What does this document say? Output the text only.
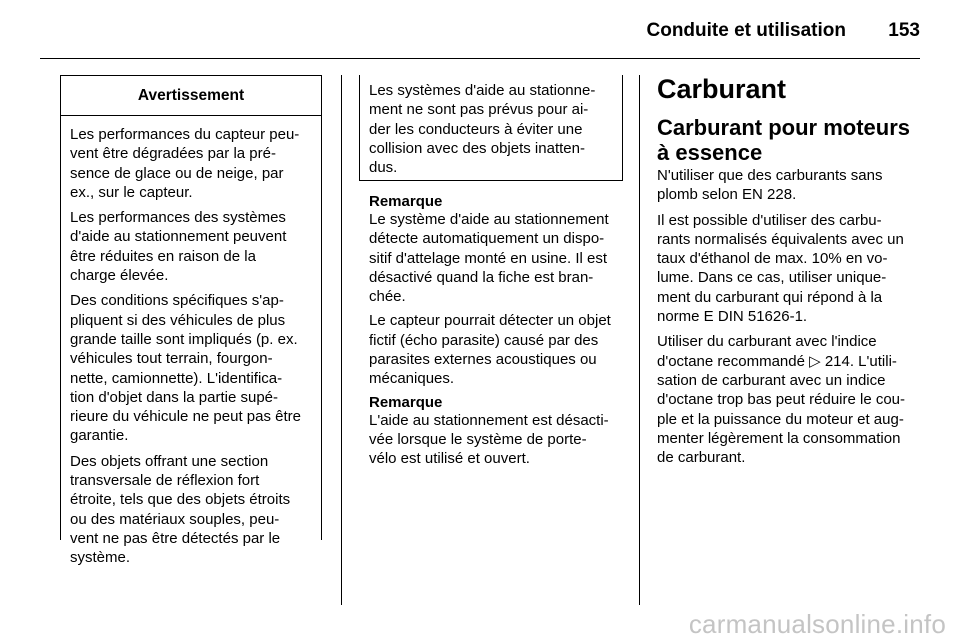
Conduite et utilisation	153
Avertissement
Les performances du capteur peu-
vent être dégradées par la pré-
sence de glace ou de neige, par
ex., sur le capteur.
Les performances des systèmes
d'aide au stationnement peuvent
être réduites en raison de la
charge élevée.
Des conditions spécifiques s'ap-
pliquent si des véhicules de plus
grande taille sont impliqués (p. ex.
véhicules tout terrain, fourgon-
nette, camionnette). L'identifica-
tion d'objet dans la partie supé-
rieure du véhicule ne peut pas être
garantie.
Des objets offrant une section
transversale de réflexion fort
étroite, tels que des objets étroits
ou des matériaux souples, peu-
vent ne pas être détectés par le
système.
Les systèmes d'aide au stationne-
ment ne sont pas prévus pour ai-
der les conducteurs à éviter une
collision avec des objets inatten-
dus.
Remarque
Le système d'aide au stationnement
détecte automatiquement un dispo-
sitif d'attelage monté en usine. Il est
désactivé quand la fiche est bran-
chée.
Le capteur pourrait détecter un objet
fictif (écho parasite) causé par des
parasites externes acoustiques ou
mécaniques.
Remarque
L'aide au stationnement est désacti-
vée lorsque le système de porte-
vélo est utilisé et ouvert.
Carburant
Carburant pour moteurs
à essence
N'utiliser que des carburants sans
plomb selon EN 228.
Il est possible d'utiliser des carbu-
rants normalisés équivalents avec un
taux d'éthanol de max. 10% en vo-
lume. Dans ce cas, utiliser unique-
ment du carburant qui répond à la
norme E DIN 51626-1.
Utiliser du carburant avec l'indice
d'octane recommandé ▷ 214. L'utili-
sation de carburant avec un indice
d'octane trop bas peut réduire le cou-
ple et la puissance du moteur et aug-
menter légèrement la consommation
de carburant.
carmanualsonline.info
